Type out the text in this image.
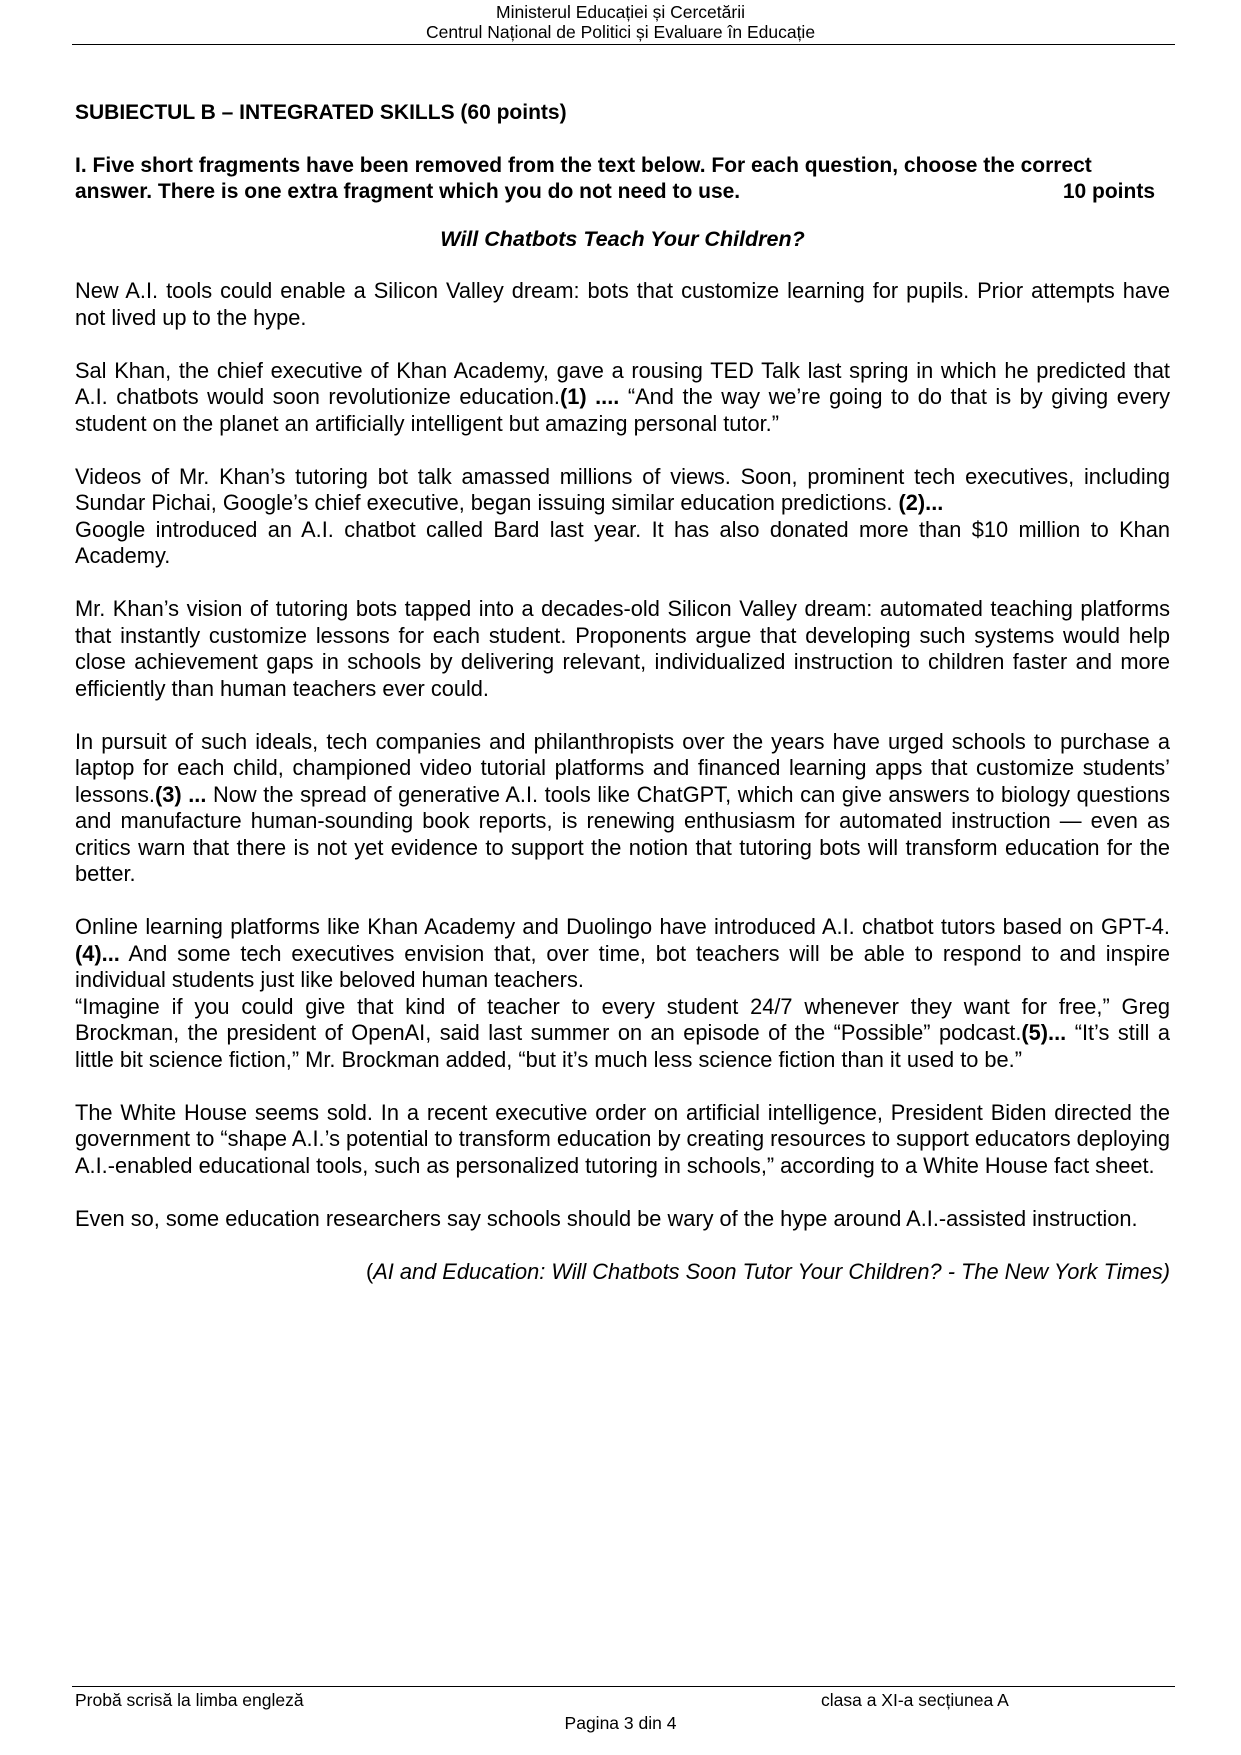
Ministerul Educației și Cercetării
Centrul Național de Politici și Evaluare în Educație

SUBIECTUL B – INTEGRATED SKILLS (60 points)

I. Five short fragments have been removed from the text below. For each question, choose the correct

answer. There is one extra fragment which you do not need to use.	10 points

Will Chatbots Teach Your Children?

New A.I. tools could enable a Silicon Valley dream: bots that customize learning for pupils. Prior attempts have not lived up to the hype.

Sal Khan, the chief executive of Khan Academy, gave a rousing TED Talk last spring in which he predicted that A.I. chatbots would soon revolutionize education.(1) .... “And the way we’re going to do that is by giving every student on the planet an artificially intelligent but amazing personal tutor.”

Videos of Mr. Khan’s tutoring bot talk amassed millions of views. Soon, prominent tech executives, including Sundar Pichai, Google’s chief executive, began issuing similar education predictions. (2)...

Google introduced an A.I. chatbot called Bard last year. It has also donated more than $10 million to Khan Academy.

Mr. Khan’s vision of tutoring bots tapped into a decades-old Silicon Valley dream: automated teaching platforms that instantly customize lessons for each student. Proponents argue that developing such systems would help close achievement gaps in schools by delivering relevant, individualized instruction to children faster and more efficiently than human teachers ever could.

In pursuit of such ideals, tech companies and philanthropists over the years have urged schools to purchase a laptop for each child, championed video tutorial platforms and financed learning apps that customize students’ lessons.(3) ... Now the spread of generative A.I. tools like ChatGPT, which can give answers to biology questions and manufacture human-sounding book reports, is renewing enthusiasm for automated instruction — even as critics warn that there is not yet evidence to support the notion that tutoring bots will transform education for the better.

Online learning platforms like Khan Academy and Duolingo have introduced A.I. chatbot tutors based on GPT-4.(4)... And some tech executives envision that, over time, bot teachers will be able to respond to and inspire individual students just like beloved human teachers.

“Imagine if you could give that kind of teacher to every student 24/7 whenever they want for free,” Greg Brockman, the president of OpenAI, said last summer on an episode of the “Possible” podcast.(5)... “It’s still a little bit science fiction,” Mr. Brockman added, “but it’s much less science fiction than it used to be.”

The White House seems sold. In a recent executive order on artificial intelligence, President Biden directed the government to “shape A.I.’s potential to transform education by creating resources to support educators deploying A.I.-enabled educational tools, such as personalized tutoring in schools,” according to a White House fact sheet.

Even so, some education researchers say schools should be wary of the hype around A.I.-assisted instruction.

(AI and Education: Will Chatbots Soon Tutor Your Children? - The New York Times)

Probă scrisă la limba engleză	clasa a XI-a secțiunea A
Pagina 3 din 4
